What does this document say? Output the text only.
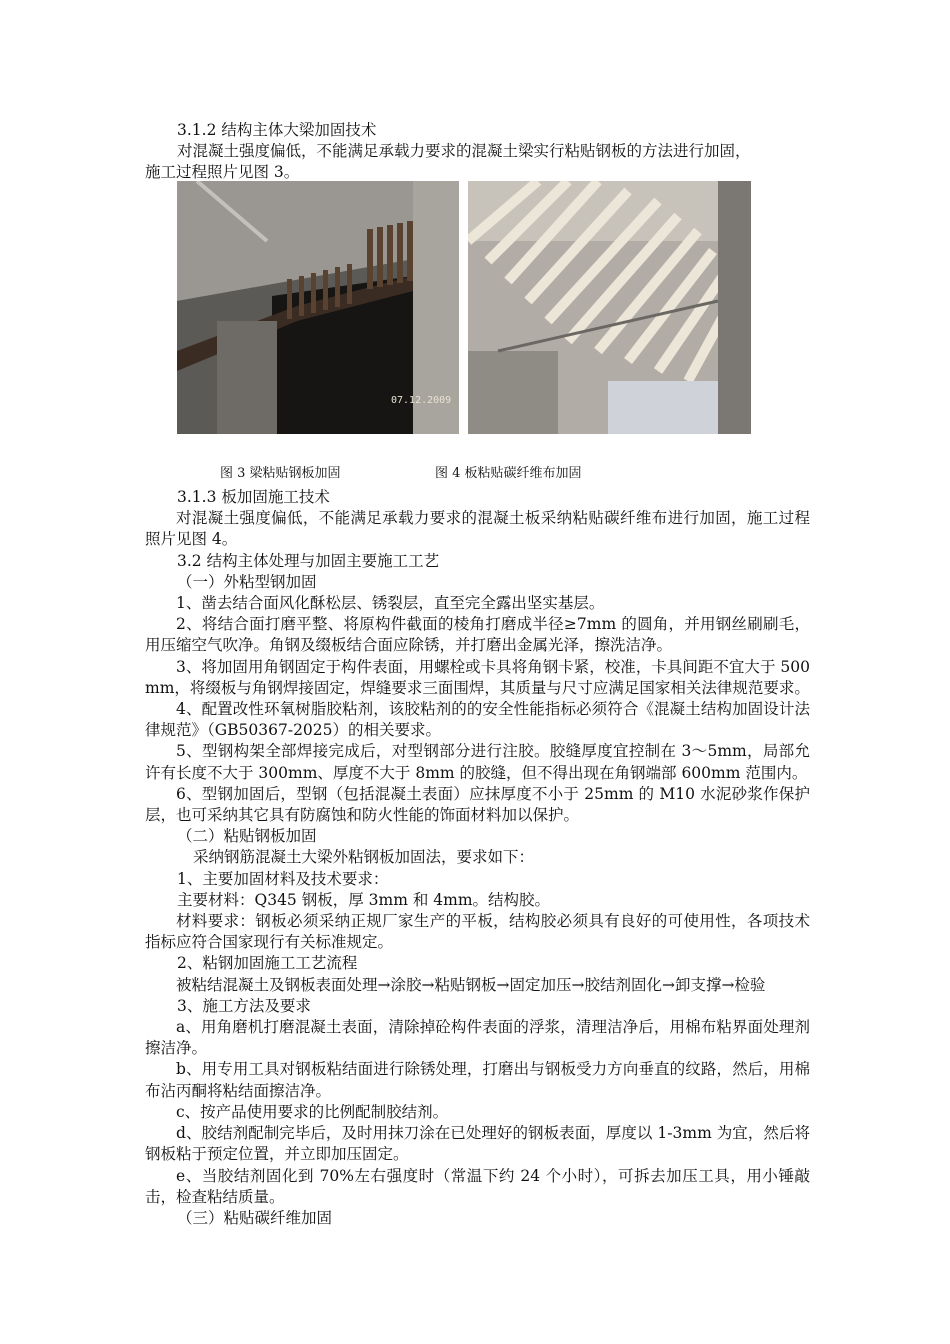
3.1.2 结构主体大梁加固技术
对混凝土强度偏低，不能满足承载力要求的混凝土梁实行粘贴钢板的方法进行加固，
施工过程照片见图 3。
07.12.2009
图 3 梁粘贴钢板加固	图 4 板粘贴碳纤维布加固
3.1.3 板加固施工技术
对混凝土强度偏低，不能满足承载力要求的混凝土板采纳粘贴碳纤维布进行加固，施工过程照片见图 4。
3.2 结构主体处理与加固主要施工工艺
（一）外粘型钢加固
1、凿去结合面风化酥松层、锈裂层，直至完全露出坚实基层。
2、将结合面打磨平整、将原构件截面的棱角打磨成半径≥7mm 的圆角，并用钢丝刷刷毛，用压缩空气吹净。角钢及缀板结合面应除锈，并打磨出金属光泽，擦洗洁净。
3、将加固用角钢固定于构件表面，用螺栓或卡具将角钢卡紧，校准，卡具间距不宜大于 500 mm，将缀板与角钢焊接固定，焊缝要求三面围焊，其质量与尺寸应满足国家相关法律规范要求。
4、配置改性环氧树脂胶粘剂，该胶粘剂的的安全性能指标必须符合《混凝土结构加固设计法律规范》（GB50367-2025）的相关要求。
5、型钢构架全部焊接完成后，对型钢部分进行注胶。胶缝厚度宜控制在 3～5mm，局部允许有长度不大于 300mm、厚度不大于 8mm 的胶缝，但不得出现在角钢端部 600mm 范围内。
6、型钢加固后，型钢（包括混凝土表面）应抹厚度不小于 25mm 的 M10 水泥砂浆作保护层，也可采纳其它具有防腐蚀和防火性能的饰面材料加以保护。
（二）粘贴钢板加固
采纳钢筋混凝土大梁外粘钢板加固法，要求如下：
1、主要加固材料及技术要求：
主要材料：Q345 钢板，厚 3mm 和 4mm。结构胶。
材料要求：钢板必须采纳正规厂家生产的平板，结构胶必须具有良好的可使用性，各项技术指标应符合国家现行有关标准规定。
2、粘钢加固施工工艺流程
被粘结混凝土及钢板表面处理→涂胶→粘贴钢板→固定加压→胶结剂固化→卸支撑→检验
3、施工方法及要求
a、用角磨机打磨混凝土表面，清除掉砼构件表面的浮浆，清理洁净后，用棉布粘界面处理剂擦洁净。
b、用专用工具对钢板粘结面进行除锈处理，打磨出与钢板受力方向垂直的纹路，然后，用棉布沾丙酮将粘结面擦洁净。
c、按产品使用要求的比例配制胶结剂。
d、胶结剂配制完毕后，及时用抹刀涂在已处理好的钢板表面，厚度以 1-3mm 为宜，然后将钢板粘于预定位置，并立即加压固定。
e、当胶结剂固化到 70%左右强度时（常温下约 24 个小时），可拆去加压工具，用小锤敲击，检查粘结质量。
（三）粘贴碳纤维加固
